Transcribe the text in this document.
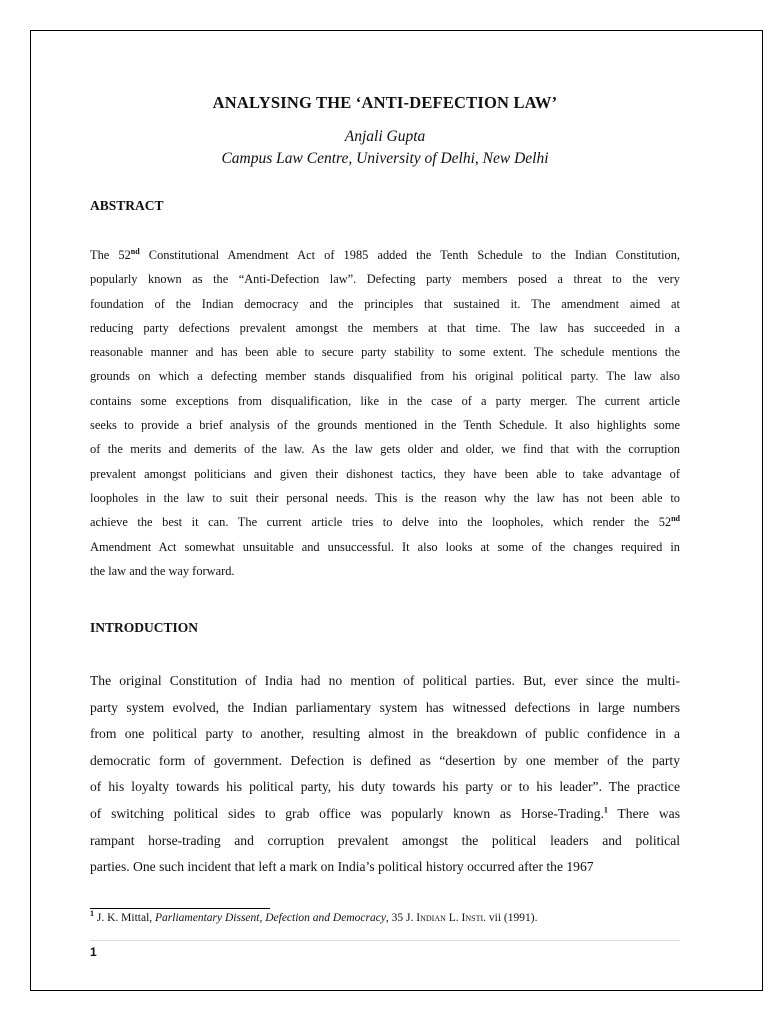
ANALYSING THE ‘ANTI-DEFECTION LAW’
Anjali Gupta
Campus Law Centre, University of Delhi, New Delhi
ABSTRACT
The 52nd Constitutional Amendment Act of 1985 added the Tenth Schedule to the Indian Constitution,
popularly known as the “Anti-Defection law”. Defecting party members posed a threat to the very
foundation of the Indian democracy and the principles that sustained it. The amendment aimed at
reducing party defections prevalent amongst the members at that time. The law has succeeded in a
reasonable manner and has been able to secure party stability to some extent. The schedule mentions the
grounds on which a defecting member stands disqualified from his original political party. The law also
contains some exceptions from disqualification, like in the case of a party merger. The current article
seeks to provide a brief analysis of the grounds mentioned in the Tenth Schedule. It also highlights some
of the merits and demerits of the law. As the law gets older and older, we find that with the corruption
prevalent amongst politicians and given their dishonest tactics, they have been able to take advantage of
loopholes in the law to suit their personal needs. This is the reason why the law has not been able to
achieve the best it can. The current article tries to delve into the loopholes, which render the 52nd
Amendment Act somewhat unsuitable and unsuccessful. It also looks at some of the changes required in
the law and the way forward.
INTRODUCTION
The original Constitution of India had no mention of political parties. But, ever since the multi-
party system evolved, the Indian parliamentary system has witnessed defections in large numbers
from one political party to another, resulting almost in the breakdown of public confidence in a
democratic form of government. Defection is defined as “desertion by one member of the party
of his loyalty towards his political party, his duty towards his party or to his leader”. The practice
of switching political sides to grab office was popularly known as Horse-Trading.$^1$ There was
rampant horse-trading and corruption prevalent amongst the political leaders and political
parties. One such incident that left a mark on India’s political history occurred after the 1967
$^1$ J. K. Mittal, Parliamentary Dissent, Defection and Democracy, 35 J. Indian L. Insti. vii (1991).
1
